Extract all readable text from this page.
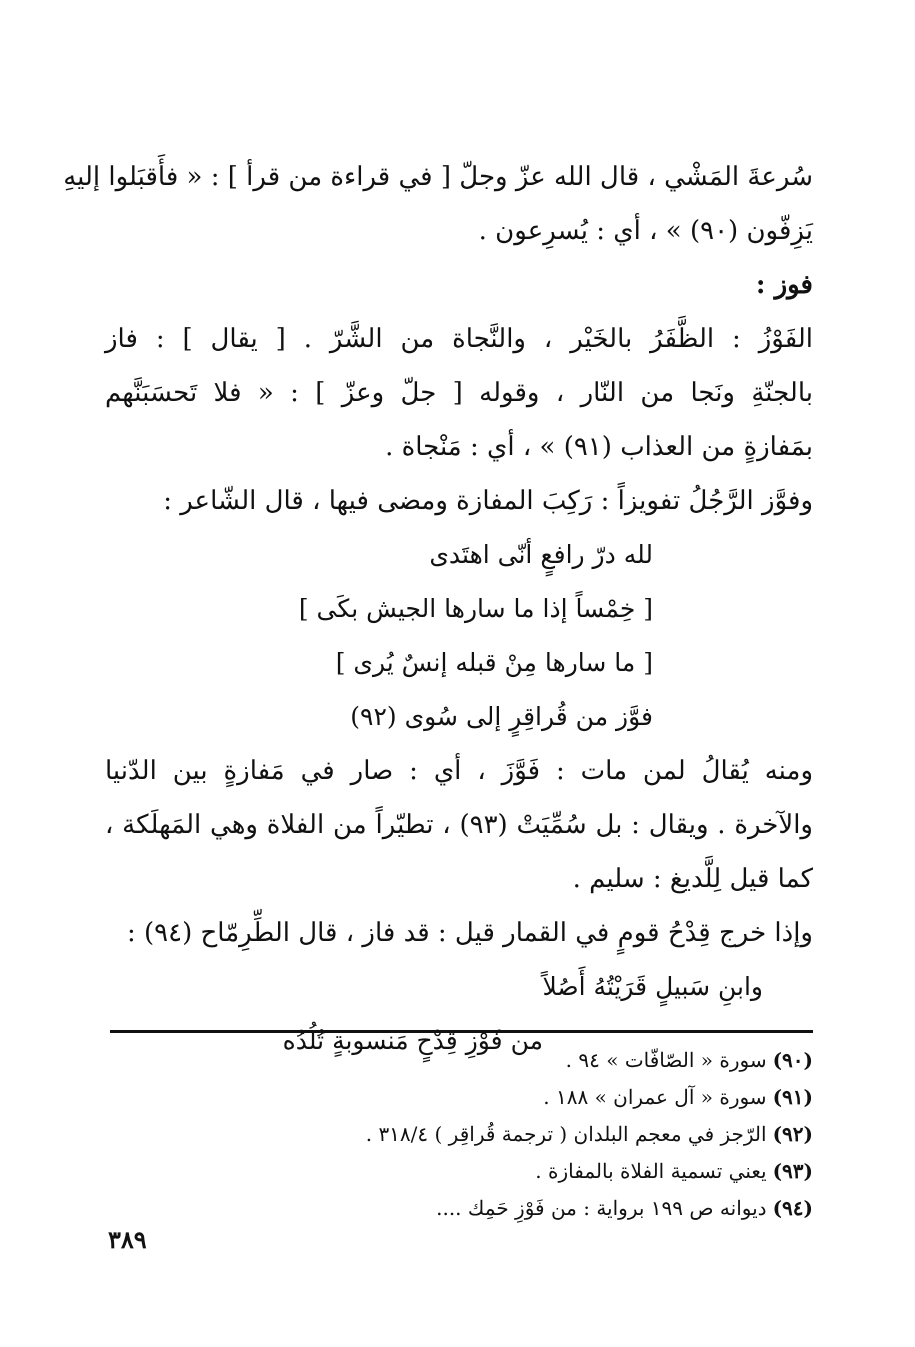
سُرعةَ المَشْي ، قال الله عزّ وجلّ [ في قراءة من قرأ ] : « فأَقبَلوا إليهِ
يَزِفّون (٩٠) » ، أي : يُسرِعون .
فوز :
الفَوْزُ : الظَّفَرُ بالخَيْر ، والنَّجاة من الشَّرّ . [ يقال ] : فاز
بالجنّةِ ونَجا من النّار ، وقوله [ جلّ وعزّ ] : « فلا تَحسَبَنَّهم
بمَفازةٍ من العذاب (٩١) » ، أي : مَنْجاة .
وفوَّز الرَّجُلُ تفويزاً : رَكِبَ المفازة ومضى فيها ، قال الشّاعر :
لله درّ رافعٍ أنّى اهتَدى
[ خِمْساً إذا ما سارها الجيش بكَى ]
[ ما سارها مِنْ قبله إنسٌ يُرى ]
فوَّز من قُراقِرٍ إلى سُوى (٩٢)
ومنه يُقالُ لمن مات : فَوَّزَ ، أي : صار في مَفازةٍ بين الدّنيا
والآخرة . ويقال : بل سُمِّيَتْ (٩٣) ، تطيّراً من الفلاة وهي المَهلَكة ،
كما قيل لِلَّديغ : سليم .
وإذا خرج قِدْحُ قومٍ في القمار قيل : قد فاز ، قال الطِّرِمّاح (٩٤) :
وابنِ سَبيلٍ قَرَيْتُهُ أَصُلاً
من فَوْزِ قِدْحٍ مَنسوبةٍ تُلُدُه
(٩٠)سورة « الصّافّات » ٩٤ .
(٩١)سورة « آل عمران » ١٨٨ .
(٩٢)الرّجز في معجم البلدان ( ترجمة قُراقِر ) ٣١٨/٤ .
(٩٣)يعني تسمية الفلاة بالمفازة .
(٩٤)ديوانه ص ١٩٩ برواية : من فَوْزِ حَمِك ....
٣٨٩
